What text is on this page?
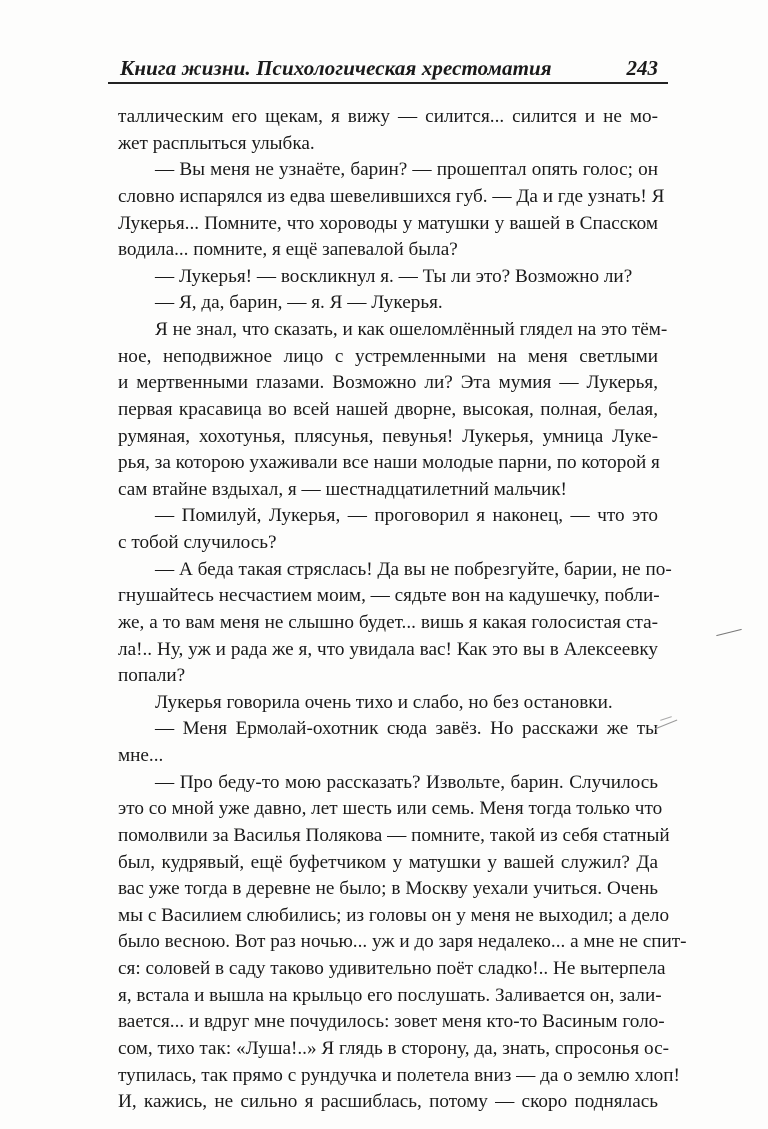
Книга жизни. Психологическая хрестоматия	243
таллическим его щекам, я вижу — силится... силится и не мо-
жет расплыться улыбка.
— Вы меня не узнаёте, барин? — прошептал опять голос; он
словно испарялся из едва шевелившихся губ. — Да и где узнать! Я
Лукерья... Помните, что хороводы у матушки у вашей в Спасском
водила... помните, я ещё запевалой была?
— Лукерья! — воскликнул я. — Ты ли это? Возможно ли?
— Я, да, барин, — я. Я — Лукерья.
Я не знал, что сказать, и как ошеломлённый глядел на это тём-
ное, неподвижное лицо с устремленными на меня светлыми
и мертвенными глазами. Возможно ли? Эта мумия — Лукерья,
первая красавица во всей нашей дворне, высокая, полная, белая,
румяная, хохотунья, плясунья, певунья! Лукерья, умница Луке-
рья, за которою ухаживали все наши молодые парни, по которой я
сам втайне вздыхал, я — шестнадцатилетний мальчик!
— Помилуй, Лукерья, — проговорил я наконец, — что это
с тобой случилось?
— А беда такая стряслась! Да вы не побрезгуйте, барии, не по-
гнушайтесь несчастием моим, — сядьте вон на кадушечку, побли-
же, а то вам меня не слышно будет... вишь я какая голосистая ста-
ла!.. Ну, уж и рада же я, что увидала вас! Как это вы в Алексеевку
попали?
Лукерья говорила очень тихо и слабо, но без остановки.
— Меня Ермолай-охотник сюда завёз. Но расскажи же ты
мне...
— Про беду-то мою рассказать? Извольте, барин. Случилось
это со мной уже давно, лет шесть или семь. Меня тогда только что
помолвили за Василья Полякова — помните, такой из себя статный
был, кудрявый, ещё буфетчиком у матушки у вашей служил? Да
вас уже тогда в деревне не было; в Москву уехали учиться. Очень
мы с Василием слюбились; из головы он у меня не выходил; а дело
было весною. Вот раз ночью... уж и до заря недалеко... а мне не спит-
ся: соловей в саду таково удивительно поёт сладко!.. Не вытерпела
я, встала и вышла на крыльцо его послушать. Заливается он, зали-
вается... и вдруг мне почудилось: зовет меня кто-то Васиным голо-
сом, тихо так: «Луша!..» Я глядь в сторону, да, знать, спросонья ос-
тупилась, так прямо с рундучка и полетела вниз — да о землю хлоп!
И, кажись, не сильно я расшиблась, потому — скоро поднялась
